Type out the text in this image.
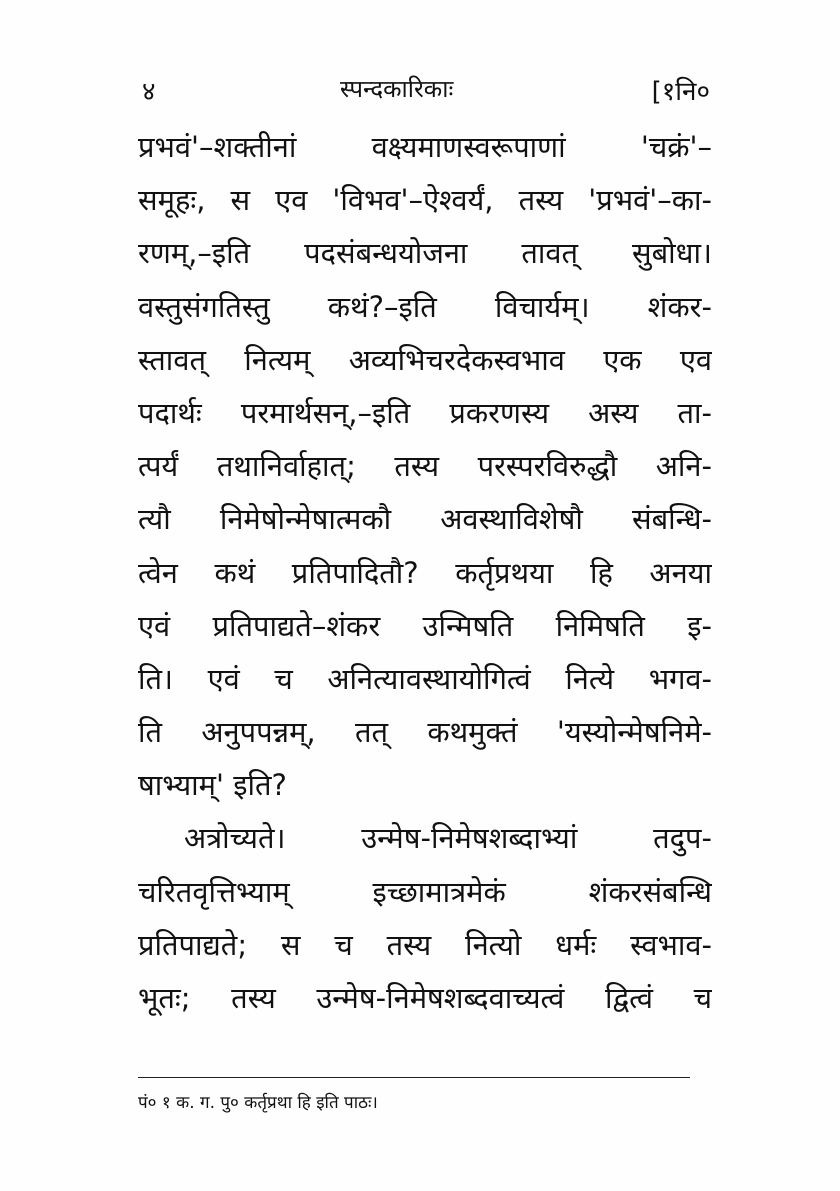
४	स्पन्दकारिकाः	[१नि०
प्रभवं'–शक्तीनां वक्ष्यमाणस्वरूपाणां 'चक्रं'–
समूहः, स एव 'विभव'–ऐश्वर्यं, तस्य 'प्रभवं'–का-
रणम्,–इति पदसंबन्धयोजना तावत् सुबोधा।
वस्तुसंगतिस्तु कथं?–इति विचार्यम्। शंकर-
स्तावत् नित्यम् अव्यभिचरदेकस्वभाव एक एव
पदार्थः परमार्थसन्,–इति प्रकरणस्य अस्य ता-
त्पर्यं तथानिर्वाहात्; तस्य परस्परविरुद्धौ अनि-
त्यौ निमेषोन्मेषात्मकौ अवस्थाविशेषौ संबन्धि-
त्वेन कथं प्रतिपादितौ? कर्तृप्रथया हि अनया
एवं प्रतिपाद्यते–शंकर उन्मिषति निमिषति इ-
ति। एवं च अनित्यावस्थायोगित्वं नित्ये भगव-
ति अनुपपन्नम्, तत् कथमुक्तं 'यस्योन्मेषनिमे-
षाभ्याम्' इति?
अत्रोच्यते। उन्मेष-निमेषशब्दाभ्यां तदुप-
चरितवृत्तिभ्याम् इच्छामात्रमेकं शंकरसंबन्धि
प्रतिपाद्यते; स च तस्य नित्यो धर्मः स्वभाव-
भूतः; तस्य उन्मेष-निमेषशब्दवाच्यत्वं द्वित्वं च
पं० १ क. ग. पु० कर्तृप्रथा हि इति पाठः।
